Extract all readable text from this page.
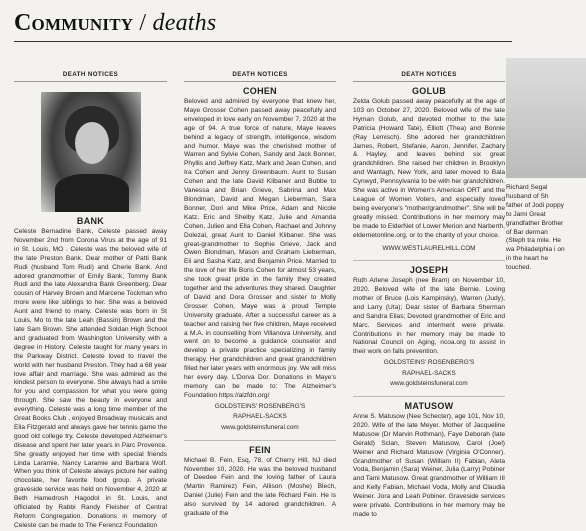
Community / deaths
DEATH NOTICES
BANK

Celeste Bernadine Bank, Celeste passed away November 2nd from Corona Virus at the age of 91 in St. Louis, MO . Celeste was the beloved wife of the late Preston Bank. Dear mother of Patti Bank Rudi (husband Tom Rudi) and Cherie Bank. And adored grandmother of Emily Bank, Tommy Bank Rudi and the late Alexandra Bank Greenberg. Dear cousin of Harvey Brown and Marcene Tockman who more were like siblings to her. She was a beloved Aunt and friend to many. Celeste was born in St Louis, Mo to the late Leah (Bassin) Brown and the late Sam Brown. She attended Soldan High School and graduated from Washington University with a degree in History. Celeste taught for many years in the Parkway District. Celeste loved to travel the world with her husband Preston. They had a 68 year love affair and marriage. She was admired as the kindest person to everyone. She always had a smile for you and compassion for what you were going through. She saw the beauty in everyone and everything. Celeste was a long time member of the Great Books Club , enjoyed Broadway musicals and Ella Fitzgerald and always gave her tennis game the good old college try. Celeste developed Alzheimer's disease and spent her later years in Parc Provence. She greatly enjoyed her time with special friends Linda Laramie, Nancy Laramie and Barbara Wolf. When you think of Celeste always picture her eating chocolate, her favorite food group. A private graveside service was held on November 4, 2020 at Beth Hamedrosh Hagodol in St. Louis, and officiated by Rabbi Randy Fleisher of Central Reform Congregation. Donations in memory of Celeste can be made to The Ferencz Foundation

DEATH NOTICES
COHEN

Beloved and admired by everyone that knew her, Maye Grosser Cohen passed away peacefully and enveloped in love early on November 7, 2020 at the age of 94. A true force of nature, Maye leaves behind a legacy of strength, intelligence, wisdom and humor. Maye was the cherished mother of Warren and Sylvie Cohen, Sandy and Jack Bonner, Phyllis and Jeffrey Katz, Mark and Jean Cohen, and Ira Cohen and Jenny Greenbaum. Aunt to Susan Cohen and the late David Klibaner and Bubbe to Vanessa and Brian Grieve, Sabrina and Max Blondman, David and Megan Lieberman, Sara Bonner, Dori and Mike Price, Adam and Nicole Katz, Eric and Shelby Katz, Julie and Amanda Cohen, Julien and Ella Cohen, Rachael and Johnny Dolezal, great Aunt to Daniel Klibaner. She was great-grandmother to Sophie Grieve, Jack and Owen Blondman, Mason and Graham Lieberman, Eli and Sasha Katz, and Benjamin Price. Married to the love of her life Boris Cohen for almost 53 years, she took great pride in the family they created together and the adventures they shared. Daughter of David and Dora Grosser and sister to Molly Grosser Cohen, Maye was a proud Temple University graduate. After a successful career as a teacher and raising her five children, Maye received a M.A. in counselling from Villanova University, and went on to become a guidance counselor and develop a private practice specializing in family therapy. Her grandchildren and great grandchildren filled her later years with enormous joy. We will miss her every day. L'Dorva Dor. Donations in Maye's memory can be made to: The Alzheimer's Foundation https://alzfdn.org/

GOLDSTEINS' ROSENBERG'S
RAPHAEL-SACKS
www.goldsteinsfuneral.com
FEIN

Michael B. Fein, Esq, 78, of Cherry Hill, NJ died November 10, 2020. He was the beloved husband of Deedee Fein and the loving father of Laura (Martin Ramirez) Fein, Allison (Moshe) Blech, Daniel (Julie) Fein and the late Richard Fein. He is also survived by 14 adored grandchildren. A graduate of the

DEATH NOTICES
GOLUB

Zelda Golub passed away peacefully at the age of 103 on October 27, 2020. Beloved wife of the late Hyman Golub, and devoted mother to the late Patricia (Howard Tate), Elliott (Thea) and Bonnie (Ray Lemisch). She adored her grandchildren James, Robert, Stefanie, Aaron, Jennifer, Zachary & Hayley, and leaves behind six great grandchildren. She raised her children in Brooklyn and Wantagh, New York, and later moved to Bala Cynwyd, Pennsylvania to be with her grandchildren. She was active in Women's American ORT and the League of Women Voters, and especially loved being everyone's "mother/grandmother". She will be greatly missed. Contributions in her memory may be made to ElderNet of Lower Merion and Narberth, eldernetonline.org, or to the charity of your choice.

WWW.WESTLAURELHILL.COM
JOSEPH

Ruth Arlene Joseph (nee Bram) on November 10, 2020. Beloved wife of the late Bernie. Loving mother of Bruce (Lois Kampinsky), Warren (Judy), and Larry (Uta); Dear sister of Barbara Sherman and Sandra Elias; Devoted grandmother of Eric and Marc. Services and interment were private. Contributions in her memory may be made to National Council on Aging, ncoa.org to assist in their work on falls prevention.

GOLDSTEINS' ROSENBERG'S
RAPHAEL-SACKS
www.goldsteinsfuneral.com
MATUSOW

Anne S. Matusow (Nee Schecter), age 101, Nov 10, 2020. Wife of the late Meyer. Mother of Jacqueline Matusow (Dr Marvin Rothman), Faye Deborah (late Gerald) Sclan, Steven Matusow, Carol (Joel) Weiner and Richard Matusow (Virginia O'Conner). Grandmother of Susan (William II) Fabian, Aleta Voda, Benjamin (Sara) Weiner, Julia (Larry) Pobiner and Tami Matusow. Great grandmother of William III and Kelly Fabian, Michael Voda, Molly and Claudia Weiner. Jora and Leah Pobiner. Graveside services were private. Contributions in her memory may be made to

Richard Segal husband of Sh father of Jodi poppy to Jami Great grandfather Brother of Bar derman (Steph tra mile. He wa Philadelphia i on in the heart he touched.
